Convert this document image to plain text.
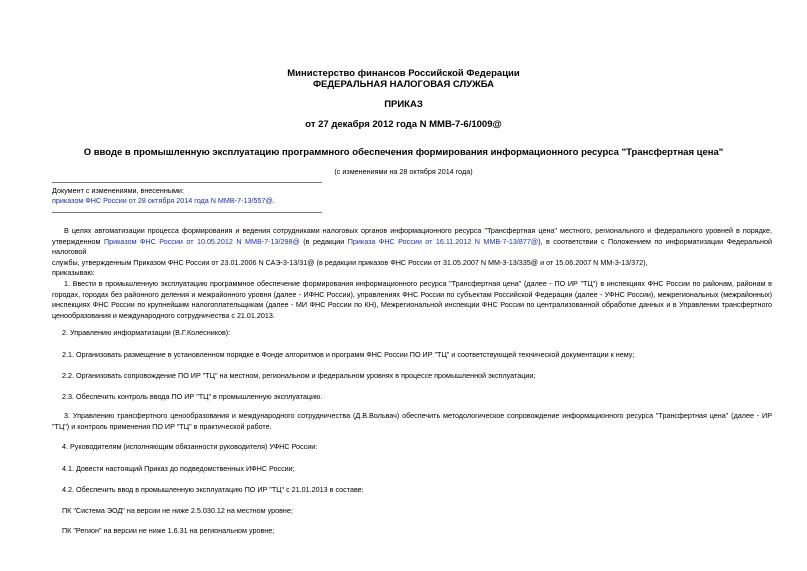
Министерство финансов Российской Федерации
ФЕДЕРАЛЬНАЯ НАЛОГОВАЯ СЛУЖБА
ПРИКАЗ
от 27 декабря 2012 года N ММВ-7-6/1009@
О вводе в промышленную эксплуатацию программного обеспечения формирования информационного ресурса "Трансфертная цена"
(с изменениями на 28 октября 2014 года)
Документ с изменениями, внесенными:
приказом ФНС России от 28 октября 2014 года N ММВ-7-13/557@.
В целях автоматизации процесса формирования и ведения сотрудниками налоговых органов информационного ресурса "Трансфертная цена" местного, регионального и федерального уровней в порядке,
утвержденном Приказом ФНС России от 10.05.2012 N ММВ-7-13/298@ (в редакции Приказа ФНС России от 16.11.2012 N ММВ-7-13/877@), в соответствии с Положением по информатизации Федеральной налоговой
службы, утвержденным Приказом ФНС России от 23.01.2006 N САЭ-3-13/31@ (в редакции приказов ФНС России от 31.05.2007 N ММ-3-13/335@ и от 15.06.2007 N ММ-3-13/372),
приказываю:
1. Ввести в промышленную эксплуатацию программное обеспечение формирования информационного ресурса "Трансфертная цена" (далее - ПО ИР "ТЦ") в инспекциях ФНС России по районам, районам в городах, городах без районного деления и межрайонного уровня (далее - ИФНС России), управлениях ФНС России по субъектам Российской Федерации (далее - УФНС России), межрегиональных (межрайонных) инспекциях ФНС России по крупнейшим налогоплательщикам (далее - МИ ФНС России по КН), Межрегиональной инспекции ФНС России по централизованной обработке данных и в Управлении трансфертного ценообразования и международного сотрудничества с 21.01.2013.
2. Управлению информатизации (В.Г.Колесников):
2.1. Организовать размещение в установленном порядке в Фонде алгоритмов и программ ФНС России ПО ИР "ТЦ" и соответствующей технической документации к нему;
2.2. Организовать сопровождение ПО ИР "ТЦ" на местном, региональном и федеральном уровнях в процессе промышленной эксплуатации;
2.3. Обеспечить контроль ввода ПО ИР "ТЦ" в промышленную эксплуатацию.
3. Управлению трансфертного ценообразования и международного сотрудничества (Д.В.Вольвач) обеспечить методологическое сопровождение информационного ресурса "Трансфертная цена" (далее - ИР "ТЦ") и контроль применения ПО ИР "ТЦ" в практической работе.
4. Руководителям (исполняющим обязанности руководителя) УФНС России:
4.1. Довести настоящий Приказ до подведомственных ИФНС России;
4.2. Обеспечить ввод в промышленную эксплуатацию ПО ИР "ТЦ" с 21.01.2013 в составе:
ПК "Система ЭОД" на версии не ниже 2.5.030.12 на местном уровне;
ПК "Регион" на версии не ниже 1.6.31 на региональном уровне;
